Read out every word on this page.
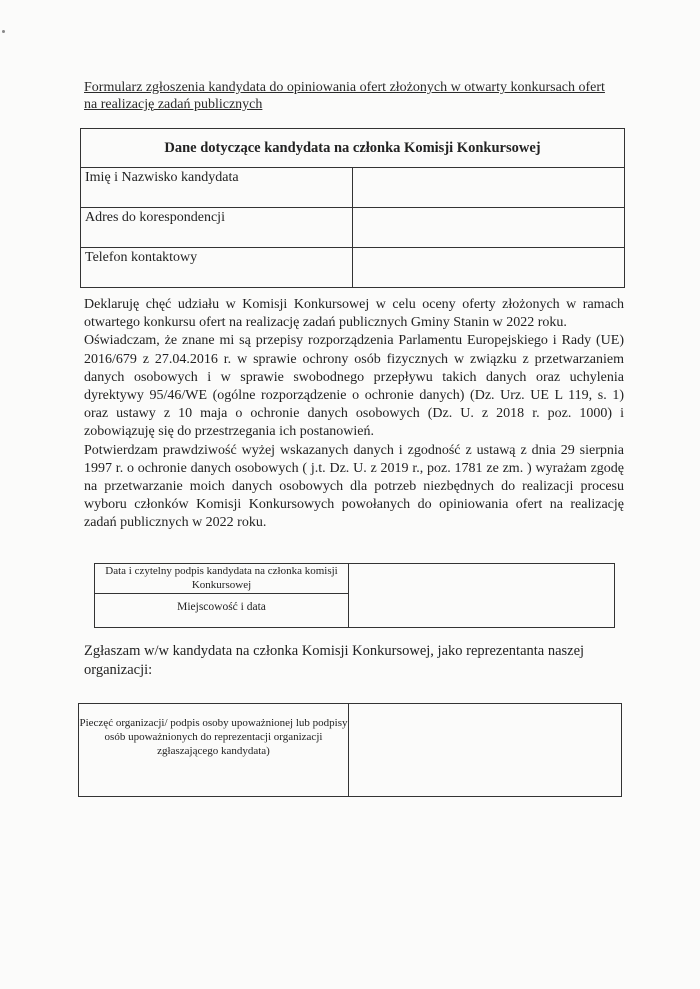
Formularz zgłoszenia kandydata do opiniowania ofert złożonych w otwarty konkursach ofert
na realizację zadań publicznych
Dane dotyczące kandydata na członka Komisji Konkursowej	
Imię i Nazwisko kandydata	
Adres do korespondencji	
Telefon kontaktowy	

Deklaruję chęć udziału w Komisji Konkursowej w celu oceny oferty złożonych w ramach otwartego konkursu ofert na realizację zadań publicznych Gminy Stanin w 2022 roku.

Oświadczam, że znane mi są przepisy rozporządzenia Parlamentu Europejskiego i Rady (UE) 2016/679 z 27.04.2016 r. w sprawie ochrony osób fizycznych w związku z przetwarzaniem danych osobowych i w sprawie swobodnego przepływu takich danych oraz uchylenia dyrektywy 95/46/WE (ogólne rozporządzenie o ochronie danych) (Dz. Urz. UE L 119, s. 1) oraz ustawy z 10 maja o ochronie danych osobowych (Dz. U. z 2018 r. poz. 1000) i zobowiązuję się do przestrzegania ich postanowień.

Potwierdzam prawdziwość wyżej wskazanych danych i zgodność z ustawą z dnia 29 sierpnia 1997 r. o ochronie danych osobowych ( j.t. Dz. U. z 2019 r., poz. 1781 ze zm. ) wyrażam zgodę na przetwarzanie moich danych osobowych dla potrzeb niezbędnych do realizacji procesu wyboru członków Komisji Konkursowych powołanych do opiniowania ofert na realizację zadań publicznych w 2022 roku.

Data i czytelny podpis kandydata na członka komisji Konkursowej	
Miejscowość i data
Zgłaszam w/w kandydata na członka Komisji Konkursowej, jako reprezentanta naszej organizacji:
Pieczęć organizacji/ podpis osoby upoważnionej lub podpisy osób upoważnionych do reprezentacji organizacji zgłaszającego kandydata)	
